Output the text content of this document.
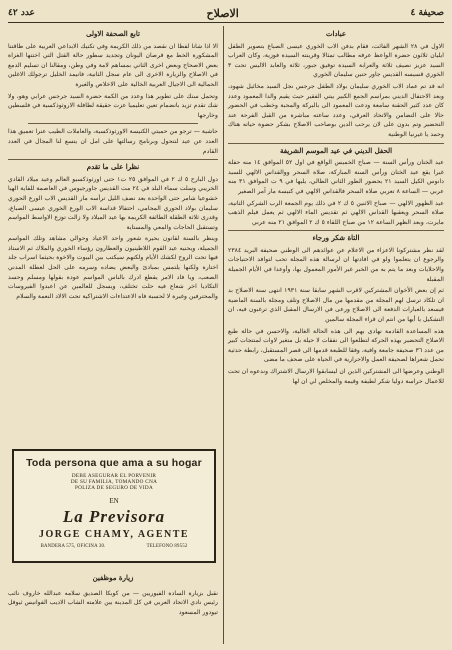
صحيفة ٤
الاصلاح
عدد ٤٢
عبادات

الاول في ٢٨ الشهر الفائت، فقام بدفن الاب الخوري عيسى الصباغ بتصوير الطفل ايليان ثلاثون حضرة الواعظ عرفه مطالب تمثالا وقرينته السيدة فوزية، وكان العراب السيد عزيز نصيف ثلاثة والعرابة السيدة توفيق جبور، ثلاثة والعابد الاليس تحت ٣ الخوري قسيسه القديس جاور حنين سليمان الخوري

انه قد تم عماد الاب الخوري سليمان بولاد الطفل جرجس نجل السيد مخائيل شهود، وبعد الاحتفال الديني بمراسم الجمع الكبير بيتي الفقير حيث يقيم والدا المعمود وعدد كان عدد كثير الحقنة سامعة ودعت المعمود الى بالبركة والمحبة وخطب في الحضور حالا على التضامن والاتحاد العرقي، وعدد ساعته مباشرة من القبل الفرحة عند التحضير وتم بدون على لان يرحب الدين بوصاحب الاصلاح بشكر حضوة حياته هناك وحمد يا غيرنيا الوطنية

الحفل الديني في عيد الموسم الشريفة

عيد الختان ورأس السنة — صباح الخميس الواقع في اول ٥٢ الموافق ١٤ منه حفلة غيرا يقع عيد الختان ورأس السنة المباركة، صلاة السحر ووالقداس الالهي للسيد دانوس الكيل السيد ٢١ بحضور الطور الثاني الطالي، يليها في ٩ ت الموافق ٣١ منه عربي — الساعة ٨ تعربي صلاة السحر فالقداس الالهي في كنيسة مار آمر الصغير

عيد الظهور الالهي — صباح الاثنين ٥ ك ٢ في ذلك يوم الجمعة الرب الشركي الثانية، صلاة السحر ويعقبها القداس الالهي ثم تقديس الماء الالهي ثم يعمل فيلم الذهب مايرت، وبعد الظهر الساعة ١٢ من صباح اللقاء ٥ ك ٢ الموافق ٢١ منه عربي

التاة شكر ورجاء

لقد نظر مشتركونا الاعزاء من الاعلام عن عوائدهم الى الوطني صحيفة البريد ٢٣٨٤ والرجوع ان يتعلموا ولو في افادتها ان لرسالة هذه المجلة تحب لتوافد الاحتياجات والاحلايات وبعد ما يتم به من الخبر غير الأمور المعمول بها، وأوعدا في الأيام الجميلة المقبلة

ثم إن بعض الأخوان المشتركين لاقرب الشهر سابقا سنة ١٩٣١ انتهى سنة الاصلاح بد ان تلكاد ترسل لهم المجلة من مقدمها من مال الاصلاح وتلف ومجلة بالسنة الماضية فيسعد بالعبارات الدفعة الى الاصلاح ورعى في الارسال المقبل الذي ترغبون فيه، ان التشكيل يا أيها من انتم ان قراء المجلة سالمين

هذه المساعدة القادمة نهادى بهم الى هذه الحالة الغالية، والاحسن في حالة طبع الاصلاح التحضير بهذه الحركة لتطلعوا الى نفقات لا حيلة بل متغير لاوات لمنتجات كبير من عدد ٣٦ صحيفة جامعة وافية، وفقا للطبعة قدمها الى قصر المستقبل، رابطة حدثية تحمل شعراها لصحيفة العمل والاحرارية في الحياة على صحف ما مضى

الوطني وعرضها الى المشتركين الذين ان ليسابقوا الارسال الاشتراك وندعوه ان تحت للاعمال حراسة دوليا شكر لطيفة وقيمة والمخلص لي ان لها

تابع الصحفة الاولى

الا اذا شانا لفظا ان نقصد من ذلك الكريمة وفي تكنيك الابداعي العربية على طاقتنا المشكورة الخط مع قرصان اليونان وتجديد سطور حالة القتل التي اختتها الغزاة بعض الاصحاح وبعض اخرى الثاني بمساهم لامة وفي وطن، ومقالنا ان تسليم الدمع في الاصلاح والزيارة الاخرى الى عام سجل الثانية، فانيمد الخليل ترجولك الاغلين الحمالية الى الاجيال العربية الخالية على الاخلاص والغيرة

وتحمل سنك على تطوير هذا وعدد من الكمة حضرة السيد جرجس عرابي وهو، ولا شك تقدم تزيد بانضمام تعين تعليميا عزت حقيقة لطافلة الاروثوذكسية في فلسطين وخارجها

حاشية — ترجو من حميتي الكنيسة الاورثوذكسية، والعاملات الطيب عنرا تعميق هذا العدد عن عيد لنتحول وبرنامج رسالتها على امل ان يتسع لنا المجال في العدد القادم

نظرا على ما تقدم

دول البارح ٥ ك ٢ في الموافق ٢٥ ت١ حتى اورثوذكسيو العالم وعيد ميلاد القادي الخريبي وسلت سماء البلد في ٢٤ مت القديس جاورجيوس في العاصمة للفاية الهيا خشوعيا شامر حتى الواحدة بعد نصف الليل ترأسه مار القديس الاب الورع الحوري سليمان بولاد الحوري المحامي، احتفالا قداسة الاب الورع الخوري عيسى الصباغ، وقدرى ثلاثة الطقلة الطائفة الكريمة بها عيد الميلاد ولا زالت توزع الاواسط المواسم وتستقبل الحاجات والمعي والمستاية

وينظر بالسنة لقانون بحيرة شعور واحد الاعياد وحوالي مشاهد وتلك المواسم الجميلة، ويحنيه عيد القوم اللاطينيون والعطارون رؤساء الخوري والملاك ثم الاستاذ فيها تحت الروح لكشك الأيام ولكنهم سيكتب بين البيوت والاخوة بحيثما اسراب جلد اختارة ولكنها يلتمس بمبادئ والبعض يضاده وسرمه على الحل لعطلة المدني الصعب، ويا فاد الامر يقطع ادرك بالناس المواسم عودة بقولها ومسلم وحسد التكاديا اخر شعاع فيه حلت تختلف، ويسجل للعالمين عن اعبدوا الفيروسات والمحترفين وغيرة لا لحسبة فاه الاعتداءات الاشتراكية تحت الالاد النعمة والسلام

Toda persona que ama a su hogar
DEBE ASEGURAR EL PORVENIR
DE SU FAMILIA, TOMANDO CNA
POLIZA DE SEGURO DE VIDA
EN
La Previsora
JORGE CHAMY, AGENTE
BANDERA 575, OFICINA 30.	TELEFONO 89552
زيارة موظفين

نقبل بزيارة السادة الفيوريين — من كوبكا الصديق سلامه عبدالله خاروف نائب رئيس نادي الاتحاد العربي في كل المدينة بين علامته الشاب الاديب الفوانيس ثيوفل تيودور المسعود
